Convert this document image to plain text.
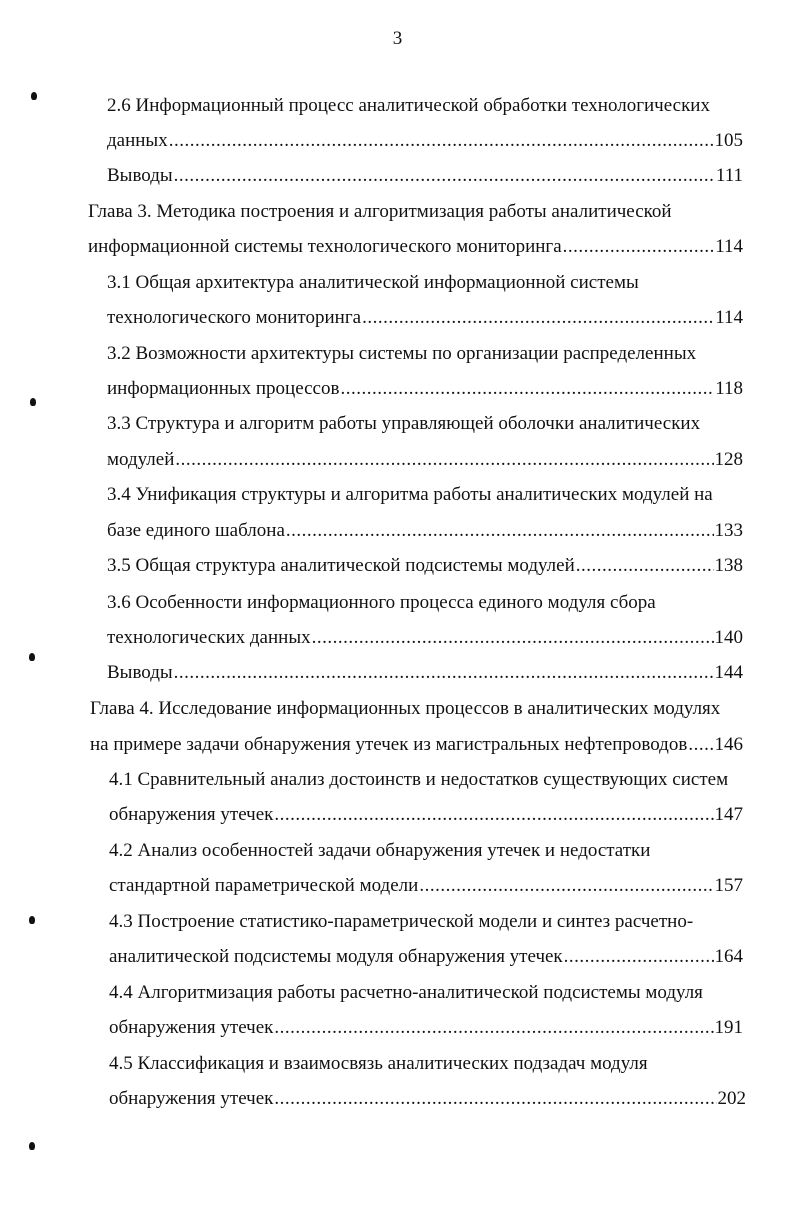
3
2.6 Информационный процесс аналитической обработки технологических
данных .....	105
Выводы .....	111
Глава 3. Методика построения и алгоритмизация работы аналитической
информационной системы технологического мониторинга .....	114
3.1 Общая архитектура аналитической информационной системы
технологического мониторинга .....	114
3.2 Возможности архитектуры системы по организации распределенных
информационных процессов .....	118
3.3 Структура и алгоритм работы управляющей оболочки аналитических
модулей .....	128
3.4 Унификация структуры и алгоритма работы аналитических модулей на
базе единого шаблона .....	133
3.5 Общая структура аналитической подсистемы модулей .....	138
3.6 Особенности информационного процесса единого модуля сбора
технологических данных .....	140
Выводы .....	144
Глава 4. Исследование информационных процессов в аналитических модулях
на примере задачи обнаружения утечек из магистральных нефтепроводов ..... 146
4.1 Сравнительный анализ достоинств и недостатков существующих систем
обнаружения утечек .....	147
4.2 Анализ особенностей задачи обнаружения утечек и недостатки
стандартной параметрической модели .....	157
4.3 Построение статистико-параметрической модели и синтез расчетно-
аналитической подсистемы модуля обнаружения утечек .....	164
4.4 Алгоритмизация работы расчетно-аналитической подсистемы модуля
обнаружения утечек .....	191
4.5 Классификация и взаимосвязь аналитических подзадач модуля
обнаружения утечек .....	202
